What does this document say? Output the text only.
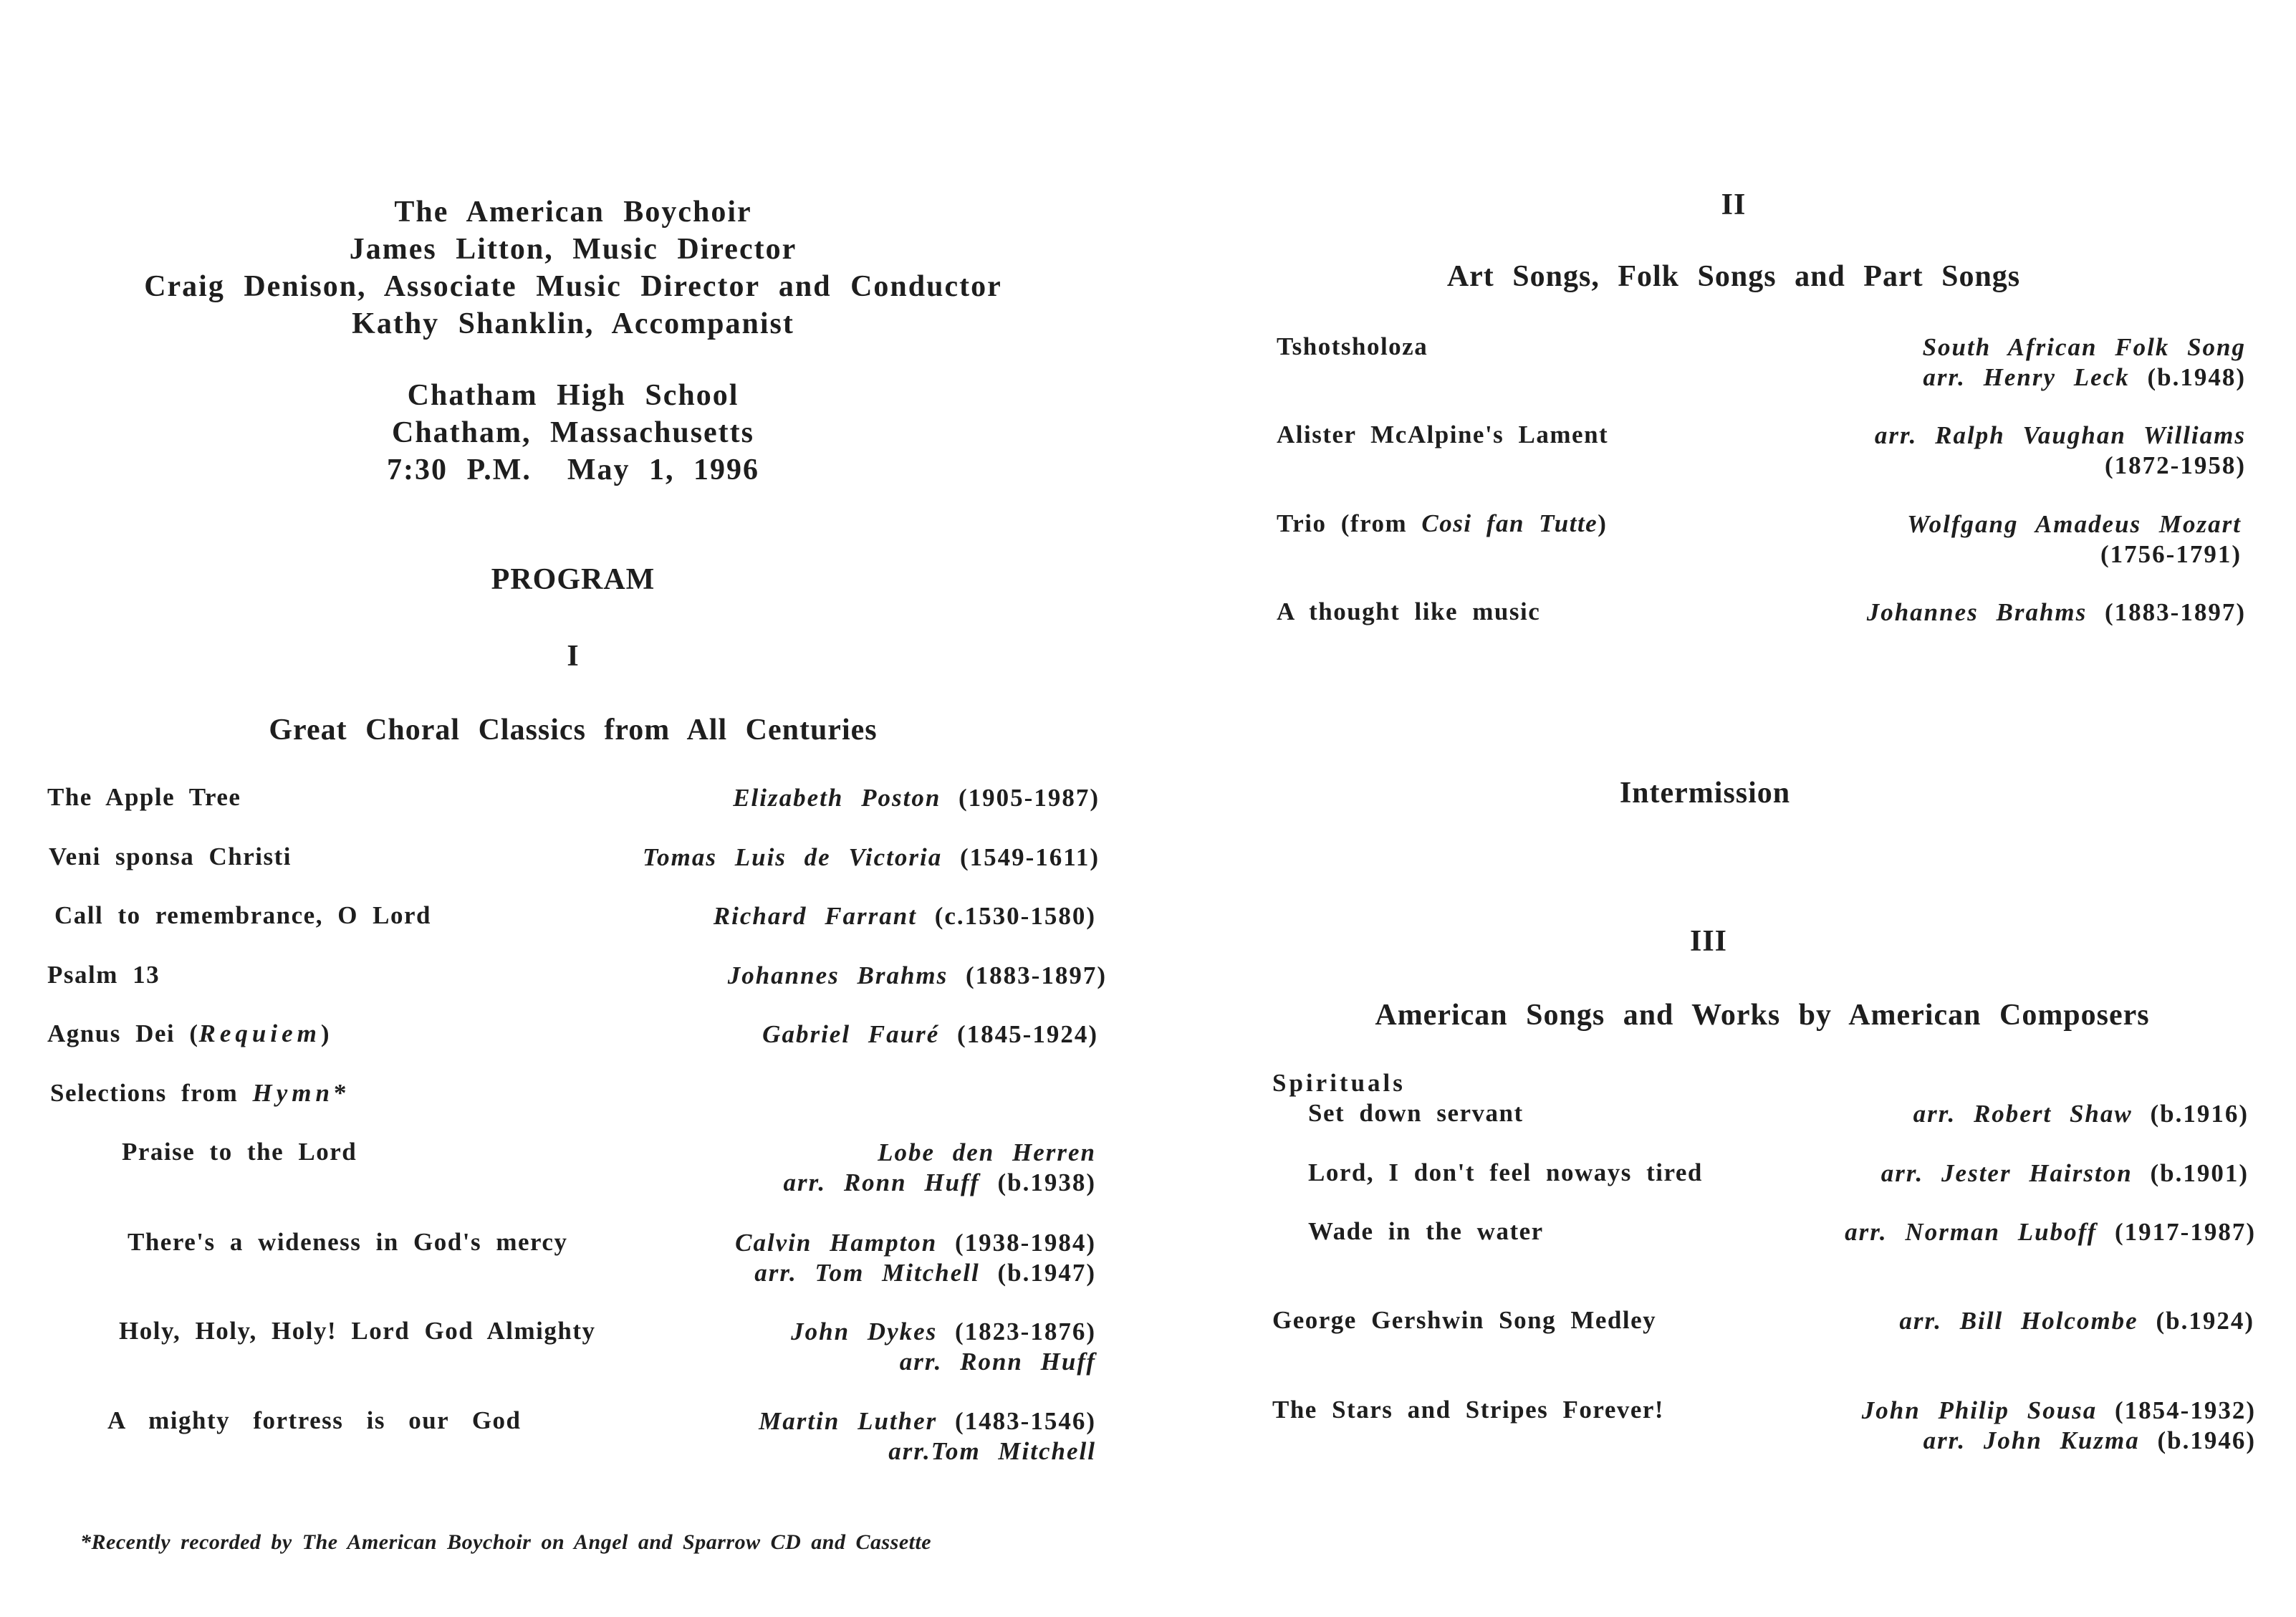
The American Boychoir
James Litton, Music Director
Craig Denison, Associate Music Director and Conductor
Kathy Shanklin, Accompanist
Chatham High School
Chatham, Massachusetts
7:30 P.M. May 1, 1996
PROGRAM
I
Great Choral Classics from All Centuries
The Apple Tree	Elizabeth Poston (1905-1987)
Veni sponsa Christi	Tomas Luis de Victoria (1549-1611)
Call to remembrance, O Lord	Richard Farrant (c.1530-1580)
Psalm 13	Johannes Brahms (1883-1897)
Agnus Dei (Requiem)	Gabriel Fauré (1845-1924)
Selections from Hymn*
Praise to the Lord	Lobe den Herren
arr. Ronn Huff (b.1938)
There's a wideness in God's mercy	Calvin Hampton (1938-1984)
arr. Tom Mitchell (b.1947)
Holy, Holy, Holy! Lord God Almighty	John Dykes (1823-1876)
arr. Ronn Huff
A mighty fortress is our God	Martin Luther (1483-1546)
arr.Tom Mitchell
*Recently recorded by The American Boychoir on Angel and Sparrow CD and Cassette
II
Art Songs, Folk Songs and Part Songs
Tshotsholoza	South African Folk Song
arr. Henry Leck (b.1948)
Alister McAlpine's Lament	arr. Ralph Vaughan Williams
(1872-1958)
Trio (from Cosi fan Tutte)	Wolfgang Amadeus Mozart
(1756-1791)
A thought like music	Johannes Brahms (1883-1897)
Intermission
III
American Songs and Works by American Composers
Spirituals
Set down servant	arr. Robert Shaw (b.1916)
Lord, I don't feel noways tired	arr. Jester Hairston (b.1901)
Wade in the water	arr. Norman Luboff (1917-1987)
George Gershwin Song Medley	arr. Bill Holcombe (b.1924)
The Stars and Stripes Forever!	John Philip Sousa (1854-1932)
arr. John Kuzma (b.1946)
